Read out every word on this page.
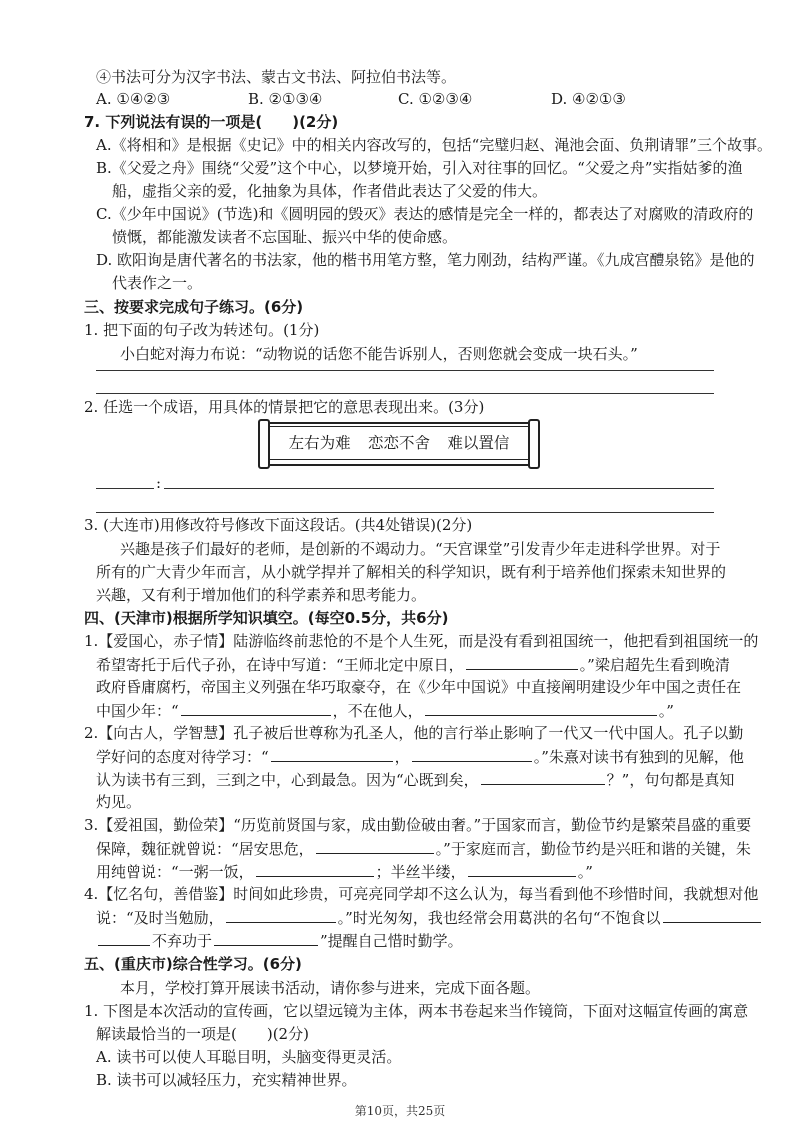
④书法可分为汉字书法、蒙古文书法、阿拉伯书法等。
A. ①④②③	B. ②①③④	C. ①②③④	D. ④②①③
7. 下列说法有误的一项是(　　)(2分)
A.《将相和》是根据《史记》中的相关内容改写的，包括“完璧归赵、渑池会面、负荆请罪”三个故事。
B.《父爱之舟》围绕“父爱”这个中心，以梦境开始，引入对往事的回忆。“父爱之舟”实指姑爹的渔
船，虚指父亲的爱，化抽象为具体，作者借此表达了父爱的伟大。
C.《少年中国说》(节选)和《圆明园的毁灭》表达的感情是完全一样的，都表达了对腐败的清政府的
愤慨，都能激发读者不忘国耻、振兴中华的使命感。
D. 欧阳询是唐代著名的书法家，他的楷书用笔方整，笔力刚劲，结构严谨。《九成宫醴泉铭》是他的
代表作之一。
三、按要求完成句子练习。(6分)
1. 把下面的句子改为转述句。(1分)
小白蛇对海力布说：“动物说的话您不能告诉别人，否则您就会变成一块石头。”
2. 任选一个成语，用具体的情景把它的意思表现出来。(3分)
左右为难 恋恋不舍 难以置信
:
3. (大连市)用修改符号修改下面这段话。(共4处错误)(2分)
兴趣是孩子们最好的老师，是创新的不竭动力。“天宫课堂”引发青少年走进科学世界。对于
所有的广大青少年而言，从小就学捍并了解相关的科学知识，既有利于培养他们探索未知世界的
兴趣，又有利于增加他们的科学素养和思考能力。
四、(天津市)根据所学知识填空。(每空0.5分，共6分)
1.【爱国心，赤子情】陆游临终前悲怆的不是个人生死，而是没有看到祖国统一，他把看到祖国统一的
希望寄托于后代子孙，在诗中写道：“王师北定中原日，	。”梁启超先生看到晚清
政府昏庸腐朽，帝国主义列强在华巧取豪夺，在《少年中国说》中直接阐明建设少年中国之责任在
中国少年：“	，不在他人，	。”
2.【向古人，学智慧】孔子被后世尊称为孔圣人，他的言行举止影响了一代又一代中国人。孔子以勤
学好问的态度对待学习：“	，	。”朱熹对读书有独到的见解，他
认为读书有三到，三到之中，心到最急。因为“心既到矣，	？”，句句都是真知
灼见。
3.【爱祖国，勤俭荣】“历览前贤国与家，成由勤俭破由奢。”于国家而言，勤俭节约是繁荣昌盛的重要
保障，魏征就曾说：“居安思危，	。”于家庭而言，勤俭节约是兴旺和谐的关键，朱
用纯曾说：“一粥一饭，	；半丝半缕，	。”
4.【忆名句，善借鉴】时间如此珍贵，可亮亮同学却不这么认为，每当看到他不珍惜时间，我就想对他
说：“及时当勉励，	。”时光匆匆，我也经常会用葛洪的名句“不饱食以
不弃功于	”提醒自己惜时勤学。
五、(重庆市)综合性学习。(6分)
本月，学校打算开展读书活动，请你参与进来，完成下面各题。
1. 下图是本次活动的宣传画，它以望远镜为主体，两本书卷起来当作镜筒，下面对这幅宣传画的寓意
解读最恰当的一项是(　　)(2分)
A. 读书可以使人耳聪目明，头脑变得更灵活。
B. 读书可以减轻压力，充实精神世界。
第10页，共25页
